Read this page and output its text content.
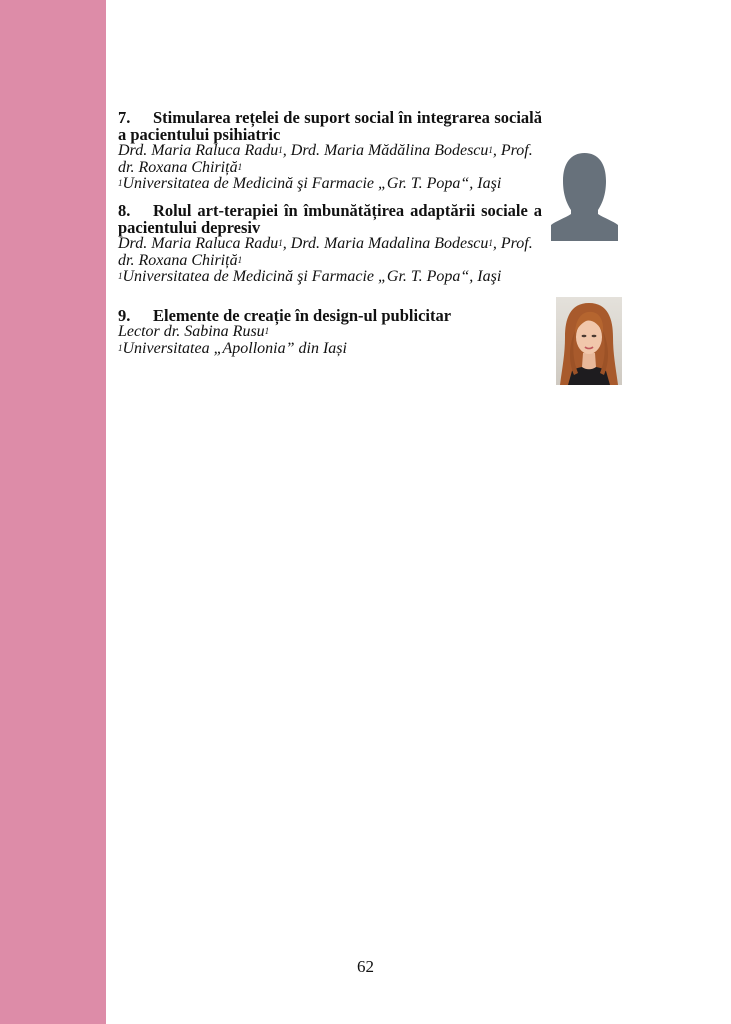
7. Stimularea rețelei de suport social în integrarea socială a pacientului psihiatric
Drd. Maria Raluca Radu$^1$, Drd. Maria Mădălina Bodescu$^1$, Prof. dr. Roxana Chiriță$^1$
$^1$Universitatea de Medicină şi Farmacie „Gr. T. Popa“, Iaşi
8. Rolul art-terapiei în îmbunătățirea adaptării sociale a pacientului depresiv
Drd. Maria Raluca Radu$^1$, Drd. Maria Madalina Bodescu$^1$, Prof. dr. Roxana Chiriță$^1$
$^1$Universitatea de Medicină şi Farmacie „Gr. T. Popa“, Iaşi
9. Elemente de creație în design-ul publicitar
Lector dr. Sabina Rusu$^1$
$^1$Universitatea „Apollonia” din Iași
62
